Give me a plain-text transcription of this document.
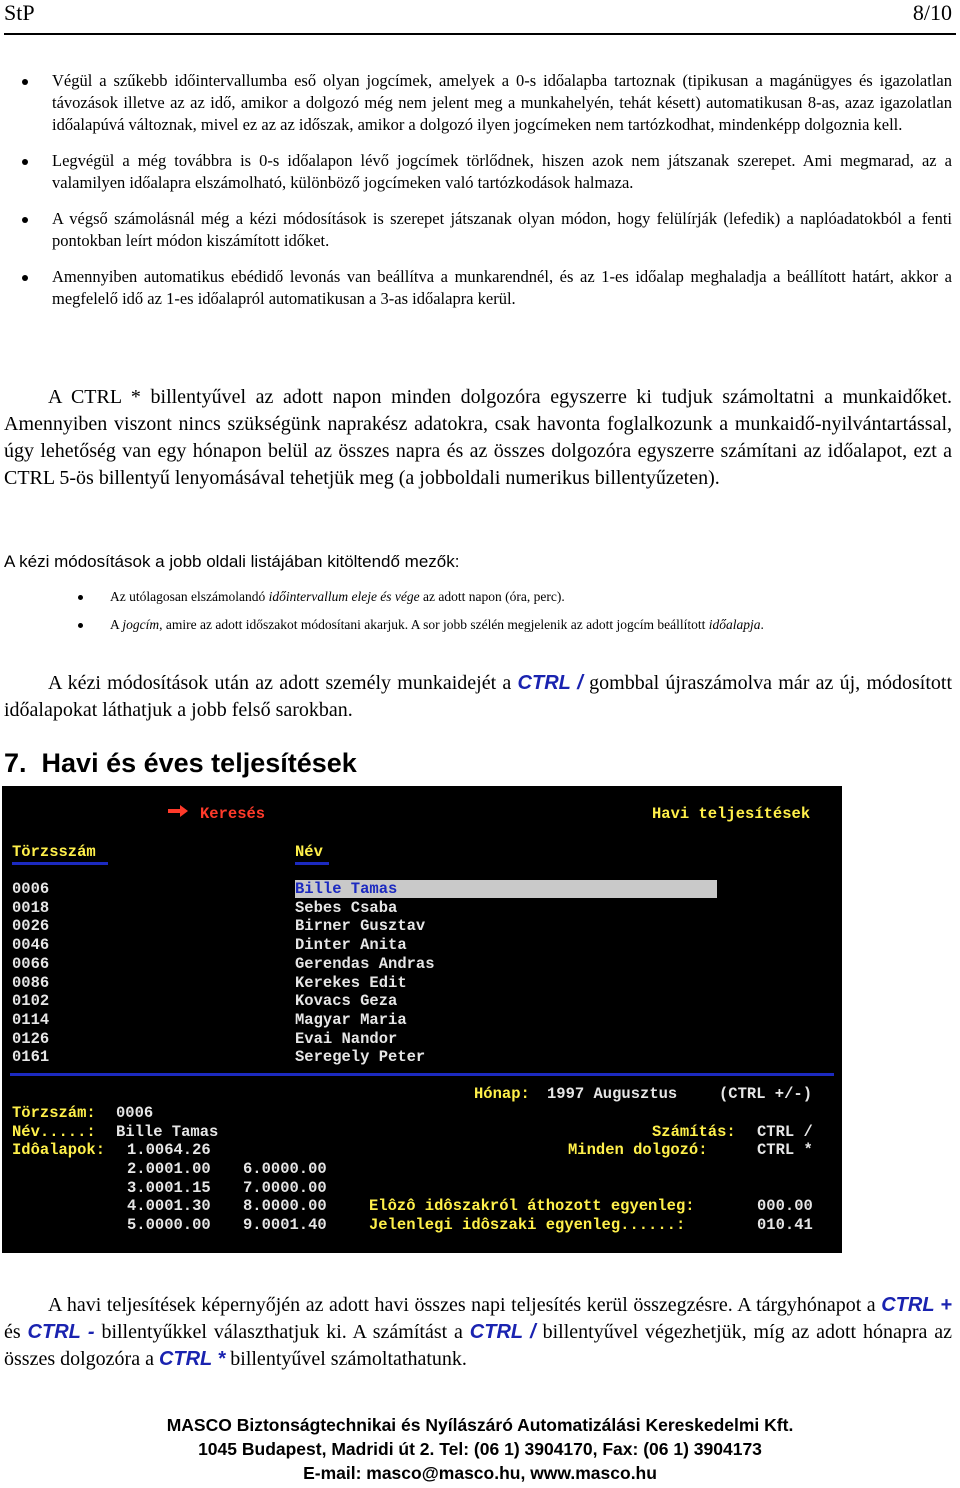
StP	8/10
Végül a szűkebb időintervallumba eső olyan jogcímek, amelyek a 0-s időalapba tartoznak (tipikusan a magánügyes és igazolatlan távozások illetve az az idő, amikor a dolgozó még nem jelent meg a munkahelyén, tehát késett) automatikusan 8-as, azaz igazolatlan időalapúvá változnak, mivel ez az az időszak, amikor a dolgozó ilyen jogcímeken nem tartózkodhat, mindenképp dolgoznia kell.
Legvégül a még továbbra is 0-s időalapon lévő jogcímek törlődnek, hiszen azok nem játszanak szerepet. Ami megmarad, az a valamilyen időalapra elszámolható, különböző jogcímeken való tartózkodások halmaza.
A végső számolásnál még a kézi módosítások is szerepet játszanak olyan módon, hogy felülírják (lefedik) a naplóadatokból a fenti pontokban leírt módon kiszámított időket.
Amennyiben automatikus ebédidő levonás van beállítva a munkarendnél, és az 1-es időalap meghaladja a beállított határt, akkor a megfelelő idő az 1-es időalapról automatikusan a 3-as időalapra kerül.
A CTRL * billentyűvel az adott napon minden dolgozóra egyszerre ki tudjuk számoltatni a munkaidőket. Amennyiben viszont nincs szükségünk naprakész adatokra, csak havonta foglalkozunk a munkaidő-nyilvántartással, úgy lehetőség van egy hónapon belül az összes napra és az összes dolgozóra egyszerre számítani az időalapot, ezt a CTRL 5-ös billentyű lenyomásával tehetjük meg (a jobboldali numerikus billentyűzeten).
A kézi módosítások a jobb oldali listájában kitöltendő mezők:
Az utólagosan elszámolandó időintervallum eleje és vége az adott napon (óra, perc).
A jogcím, amire az adott időszakot módosítani akarjuk. A sor jobb szélén megjelenik az adott jogcím beállított időalapja.
A kézi módosítások után az adott személy munkaidejét a CTRL / gombbal újraszámolva már az új, módosított időalapokat láthatjuk a jobb felső sarokban.
7. Havi és éves teljesítések
Keresés	Havi teljesítések
Törzsszám	Név
0006	Bille Tamas
0018	Sebes Csaba
0026	Birner Gusztav
0046	Dinter Anita
0066	Gerendas Andras
0086	Kerekes Edit
0102	Kovacs Geza
0114	Magyar Maria
0126	Evai Nandor
0161	Seregely Peter
Hónap: 1997 Augusztus	(CTRL +/-)
Törzszám: 0006
Név.....: Bille Tamas	Számítás: CTRL /
Idôalapok: 1.0064.26	Minden dolgozó:	CTRL *
2.0001.00 6.0000.00
3.0001.15 7.0000.00
4.0001.30 8.0000.00	Elôzô idôszakról áthozott egyenleg:	000.00
5.0000.00 9.0001.40	Jelenlegi idôszaki egyenleg......:	010.41
A havi teljesítések képernyőjén az adott havi összes napi teljesítés kerül összegzésre. A tárgyhónapot a CTRL + és CTRL - billentyűkkel választhatjuk ki. A számítást a CTRL / billentyűvel végezhetjük, míg az adott hónapra az összes dolgozóra a CTRL * billentyűvel számoltathatunk.
MASCO Biztonságtechnikai és Nyílászáró Automatizálási Kereskedelmi Kft.
1045 Budapest, Madridi út 2. Tel: (06 1) 3904170, Fax: (06 1) 3904173
E-mail: masco@masco.hu, www.masco.hu
